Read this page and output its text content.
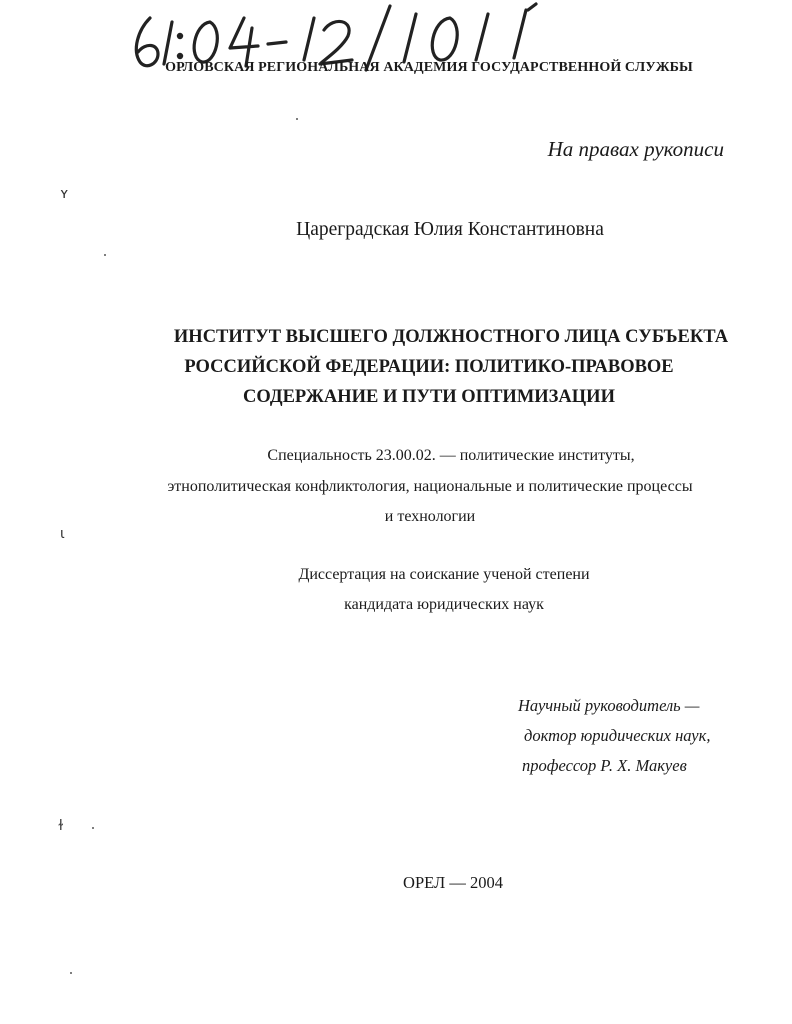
ОРЛОВСКАЯ РЕГИОНАЛЬНАЯ АКАДЕМИЯ ГОСУДАРСТВЕННОЙ СЛУЖБЫ
На правах рукописи
Цареградская Юлия Константиновна
ИНСТИТУТ ВЫСШЕГО ДОЛЖНОСТНОГО ЛИЦА СУБЪЕКТА
РОССИЙСКОЙ ФЕДЕРАЦИИ: ПОЛИТИКО-ПРАВОВОЕ
СОДЕРЖАНИЕ И ПУТИ ОПТИМИЗАЦИИ
Специальность 23.00.02. — политические институты,
этнополитическая конфликтология, национальные и политические процессы
и технологии
Диссертация на соискание ученой степени
кандидата юридических наук
Научный руководитель —
доктор юридических наук,
профессор Р. Х. Макуев
ОРЕЛ — 2004
ʏ
ɩ
ɫ
